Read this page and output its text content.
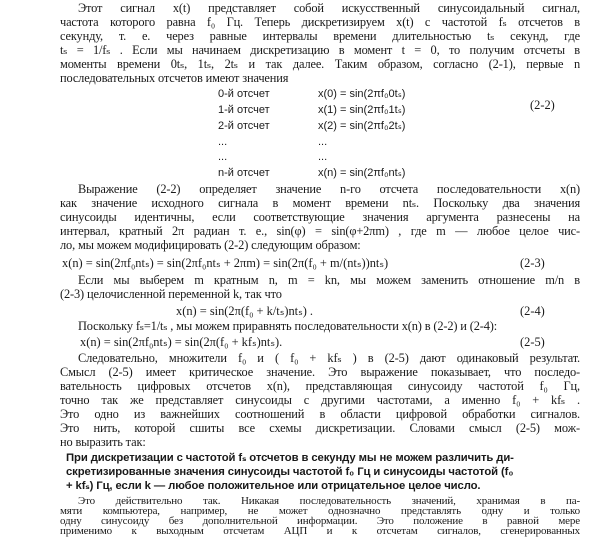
Этот сигнал x(t) представляет собой искусственный синусоидальный сигнал,
частота которого равна f₀ Гц. Теперь дискретизируем x(t) с частотой fₛ отсчетов в
секунду, т. е. через равные интервалы времени длительностью tₛ секунд, где
tₛ = 1/fₛ . Если мы начинаем дискретизацию в момент t = 0, то получим отсчеты в
моменты времени 0tₛ, 1tₛ, 2tₛ и так далее. Таким образом, согласно (2-1), первые n
последовательных отсчетов имеют значения
0-й отсчет	x(0) = sin(2πf₀0tₛ)
1-й отсчет	x(1) = sin(2πf₀1tₛ)
2-й отсчет	x(2) = sin(2πf₀2tₛ)
...	...
...	...
n-й отсчет	x(n) = sin(2πf₀ntₛ)
(2-2)
Выражение (2-2) определяет значение n-го отсчета последовательности x(n)
как значение исходного сигнала в момент времени ntₛ. Поскольку два значения
синусоиды идентичны, если соответствующие значения аргумента разнесены на
интервал, кратный 2π радиан т. е., sin(φ) = sin(φ+2πm) , где m — любое целое чис-
ло, мы можем модифицировать (2-2) следующим образом:
x(n) = sin(2πf₀ntₛ) = sin(2πf₀ntₛ + 2πm) = sin(2π(f₀ + m/(ntₛ))ntₛ)	(2-3)
Если мы выберем m кратным n, m = kn, мы можем заменить отношение m/n в
(2-3) целочисленной переменной k, так что
x(n) = sin(2π(f₀ + k/tₛ)ntₛ) .	(2-4)
Поскольку fₛ=1/tₛ , мы можем приравнять последовательности x(n) в (2-2) и (2-4):
x(n) = sin(2πf₀ntₛ) = sin(2π(f₀ + kfₛ)ntₛ).	(2-5)
Следовательно, множители f₀ и ( f₀ + kfₛ ) в (2-5) дают одинаковый результат.
Смысл (2-5) имеет критическое значение. Это выражение показывает, что последо-
вательность цифровых отсчетов x(n), представляющая синусоиду частотой f₀ Гц,
точно так же представляет синусоиды с другими частотами, а именно f₀ + kfₛ .
Это одно из важнейших соотношений в области цифровой обработки сигналов.
Это нить, которой сшиты все схемы дискретизации. Словами смысл (2-5) мож-
но выразить так:
При дискретизации с частотой fₛ отсчетов в секунду мы не можем различить ди-
скретизированные значения синусоиды частотой f₀ Гц и синусоиды частотой (f₀
+ kfₛ) Гц, если k — любое положительное или отрицательное целое число.
Это действительно так. Никакая последовательность значений, хранимая в па-
мяти компьютера, например, не может однозначно представлять одну и только
одну синусоиду без дополнительной информации. Это положение в равной мере
применимо к выходным отсчетам АЦП и к отсчетам сигналов, сгенерированных
